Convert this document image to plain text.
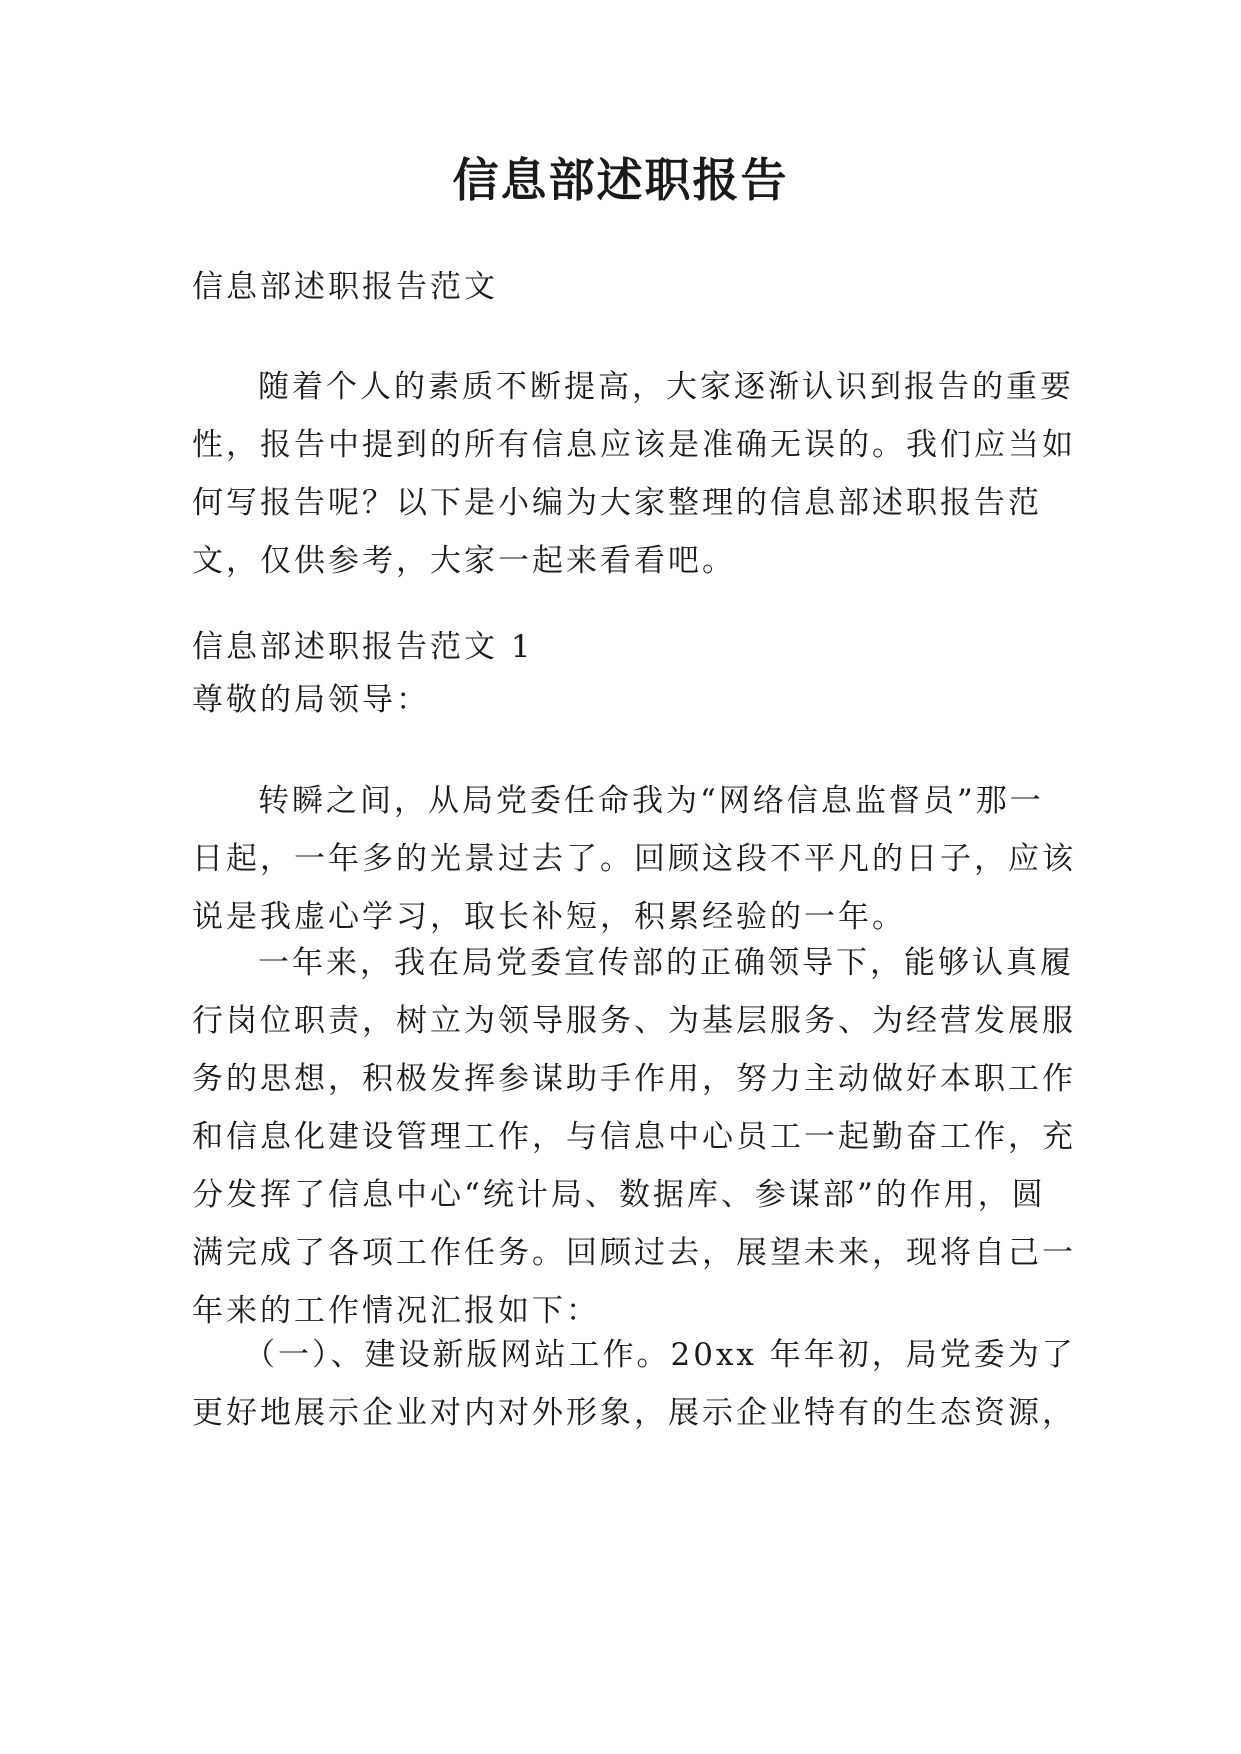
信息部述职报告

信息部述职报告范文

随着个人的素质不断提高，大家逐渐认识到报告的重要
性，报告中提到的所有信息应该是准确无误的。我们应当如
何写报告呢？以下是小编为大家整理的信息部述职报告范
文，仅供参考，大家一起来看看吧。

信息部述职报告范文 1

尊敬的局领导：

转瞬之间，从局党委任命我为“网络信息监督员”那一
日起，一年多的光景过去了。回顾这段不平凡的日子，应该
说是我虚心学习，取长补短，积累经验的一年。

一年来，我在局党委宣传部的正确领导下，能够认真履
行岗位职责，树立为领导服务、为基层服务、为经营发展服
务的思想，积极发挥参谋助手作用，努力主动做好本职工作
和信息化建设管理工作，与信息中心员工一起勤奋工作，充
分发挥了信息中心“统计局、数据库、参谋部”的作用，圆
满完成了各项工作任务。回顾过去，展望未来，现将自己一
年来的工作情况汇报如下：

（一）、建设新版网站工作。20xx 年年初，局党委为了
更好地展示企业对内对外形象，展示企业特有的生态资源，
